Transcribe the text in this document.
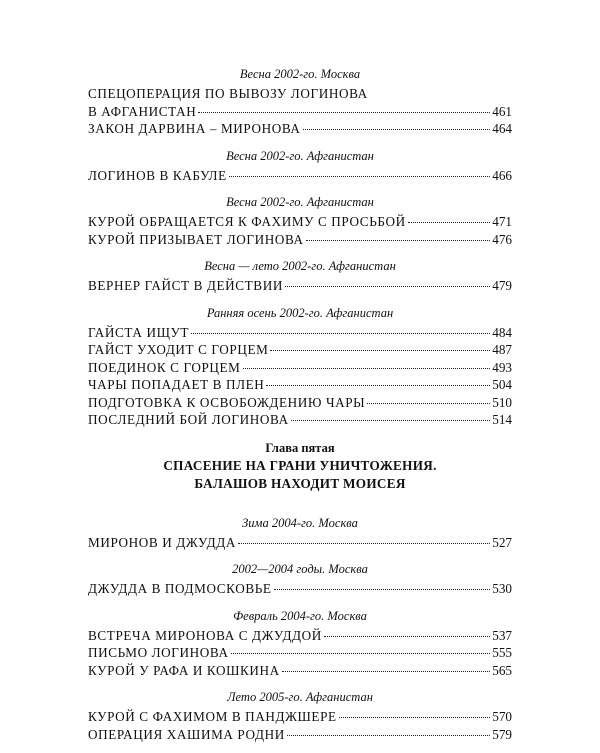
Весна 2002-го. Москва
СПЕЦОПЕРАЦИЯ ПО ВЫВОЗУ ЛОГИНОВА
В АФГАНИСТАН	461
ЗАКОН ДАРВИНА – МИРОНОВА	464
Весна 2002-го. Афганистан
ЛОГИНОВ В КАБУЛЕ	466
Весна 2002-го. Афганистан
КУРОЙ ОБРАЩАЕТСЯ К ФАХИМУ С ПРОСЬБОЙ	471
КУРОЙ ПРИЗЫВАЕТ ЛОГИНОВА	476
Весна — лето 2002-го. Афганистан
ВЕРНЕР ГАЙСТ В ДЕЙСТВИИ	479
Ранняя осень 2002-го. Афганистан
ГАЙСТА ИЩУТ	484
ГАЙСТ УХОДИТ С ГОРЦЕМ	487
ПОЕДИНОК С ГОРЦЕМ	493
ЧАРЫ ПОПАДАЕТ В ПЛЕН	504
ПОДГОТОВКА К ОСВОБОЖДЕНИЮ ЧАРЫ	510
ПОСЛЕДНИЙ БОЙ ЛОГИНОВА	514
Глава пятая
СПАСЕНИЕ НА ГРАНИ УНИЧТОЖЕНИЯ.
БАЛАШОВ НАХОДИТ МОИСЕЯ
Зима 2004-го. Москва
МИРОНОВ И ДЖУДДА	527
2002—2004 годы. Москва
ДЖУДДА В ПОДМОСКОВЬЕ	530
Февраль 2004-го. Москва
ВСТРЕЧА МИРОНОВА С ДЖУДДОЙ	537
ПИСЬМО ЛОГИНОВА	555
КУРОЙ У РАФА И КОШКИНА	565
Лето 2005-го. Афганистан
КУРОЙ С ФАХИМОМ В ПАНДЖШЕРЕ	570
ОПЕРАЦИЯ ХАШИМА РОДНИ	579
